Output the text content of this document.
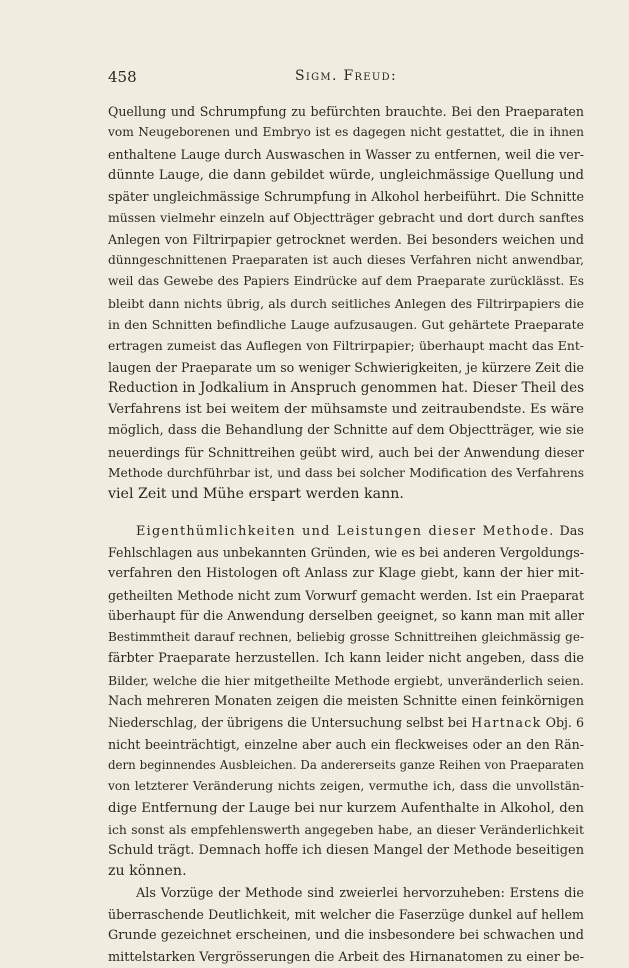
458	Sigm. Freud:
Quellung und Schrumpfung zu befürchten brauchte. Bei den Praeparaten
vom Neugeborenen und Embryo ist es dagegen nicht gestattet, die in ihnen
enthaltene Lauge durch Auswaschen in Wasser zu entfernen, weil die ver-
dünnte Lauge, die dann gebildet würde, ungleichmässige Quellung und
später ungleichmässige Schrumpfung in Alkohol herbeiführt. Die Schnitte
müssen vielmehr einzeln auf Objectträger gebracht und dort durch sanftes
Anlegen von Filtrirpapier getrocknet werden. Bei besonders weichen und
dünngeschnittenen Praeparaten ist auch dieses Verfahren nicht anwendbar,
weil das Gewebe des Papiers Eindrücke auf dem Praeparate zurücklässt. Es
bleibt dann nichts übrig, als durch seitliches Anlegen des Filtrirpapiers die
in den Schnitten befindliche Lauge aufzusaugen. Gut gehärtete Praeparate
ertragen zumeist das Auflegen von Filtrirpapier; überhaupt macht das Ent-
laugen der Praeparate um so weniger Schwierigkeiten, je kürzere Zeit die
Reduction in Jodkalium in Anspruch genommen hat. Dieser Theil des
Verfahrens ist bei weitem der mühsamste und zeitraubendste. Es wäre
möglich, dass die Behandlung der Schnitte auf dem Objectträger, wie sie
neuerdings für Schnittreihen geübt wird, auch bei der Anwendung dieser
Methode durchführbar ist, und dass bei solcher Modification des Verfahrens
viel Zeit und Mühe erspart werden kann.
Eigenthümlichkeiten und Leistungen dieser Methode. Das
Fehlschlagen aus unbekannten Gründen, wie es bei anderen Vergoldungs-
verfahren den Histologen oft Anlass zur Klage giebt, kann der hier mit-
getheilten Methode nicht zum Vorwurf gemacht werden. Ist ein Praeparat
überhaupt für die Anwendung derselben geeignet, so kann man mit aller
Bestimmtheit darauf rechnen, beliebig grosse Schnittreihen gleichmässig ge-
färbter Praeparate herzustellen. Ich kann leider nicht angeben, dass die
Bilder, welche die hier mitgetheilte Methode ergiebt, unveränderlich seien.
Nach mehreren Monaten zeigen die meisten Schnitte einen feinkörnigen
Niederschlag, der übrigens die Untersuchung selbst bei Hartnack Obj. 6
nicht beeinträchtigt, einzelne aber auch ein fleckweises oder an den Rän-
dern beginnendes Ausbleichen. Da andererseits ganze Reihen von Praeparaten
von letzterer Veränderung nichts zeigen, vermuthe ich, dass die unvollstän-
dige Entfernung der Lauge bei nur kurzem Aufenthalte in Alkohol, den
ich sonst als empfehlenswerth angegeben habe, an dieser Veränderlichkeit
Schuld trägt. Demnach hoffe ich diesen Mangel der Methode beseitigen
zu können.
Als Vorzüge der Methode sind zweierlei hervorzuheben: Erstens die
überraschende Deutlichkeit, mit welcher die Faserzüge dunkel auf hellem
Grunde gezeichnet erscheinen, und die insbesondere bei schwachen und
mittelstarken Vergrösserungen die Arbeit des Hirnanatomen zu einer be-
